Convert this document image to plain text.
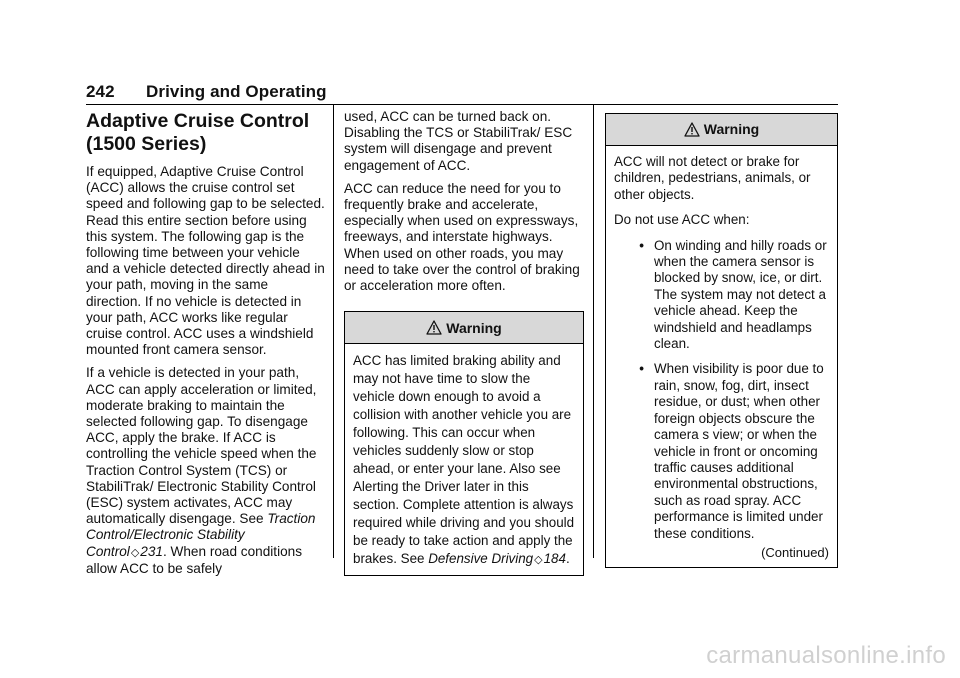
242 Driving and Operating
Adaptive Cruise Control (1500 Series)

If equipped, Adaptive Cruise Control (ACC) allows the cruise control set speed and following gap to be selected. Read this entire section before using this system. The following gap is the following time between your vehicle and a vehicle detected directly ahead in your path, moving in the same direction. If no vehicle is detected in your path, ACC works like regular cruise control. ACC uses a windshield mounted front camera sensor.

If a vehicle is detected in your path, ACC can apply acceleration or limited, moderate braking to maintain the selected following gap. To disengage ACC, apply the brake. If ACC is controlling the vehicle speed when the Traction Control System (TCS) or StabiliTrak/ Electronic Stability Control (ESC) system activates, ACC may automatically disengage. See Traction Control/Electronic Stability Control◇231. When road conditions allow ACC to be safely

used, ACC can be turned back on. Disabling the TCS or StabiliTrak/ ESC system will disengage and prevent engagement of ACC.

ACC can reduce the need for you to frequently brake and accelerate, especially when used on expressways, freeways, and interstate highways. When used on other roads, you may need to take over the control of braking or acceleration more often.

Warning

ACC has limited braking ability and may not have time to slow the vehicle down enough to avoid a collision with another vehicle you are following. This can occur when vehicles suddenly slow or stop ahead, or enter your lane. Also see Alerting the Driver later in this section. Complete attention is always required while driving and you should be ready to take action and apply the brakes. See Defensive Driving◇184.

Warning

ACC will not detect or brake for children, pedestrians, animals, or other objects.

Do not use ACC when:

• On winding and hilly roads or when the camera sensor is blocked by snow, ice, or dirt. The system may not detect a vehicle ahead. Keep the windshield and headlamps clean.
• When visibility is poor due to rain, snow, fog, dirt, insect residue, or dust; when other foreign objects obscure the camera s view; or when the vehicle in front or oncoming traffic causes additional environmental obstructions, such as road spray. ACC performance is limited under these conditions.
(Continued)
carmanualsonline.info
